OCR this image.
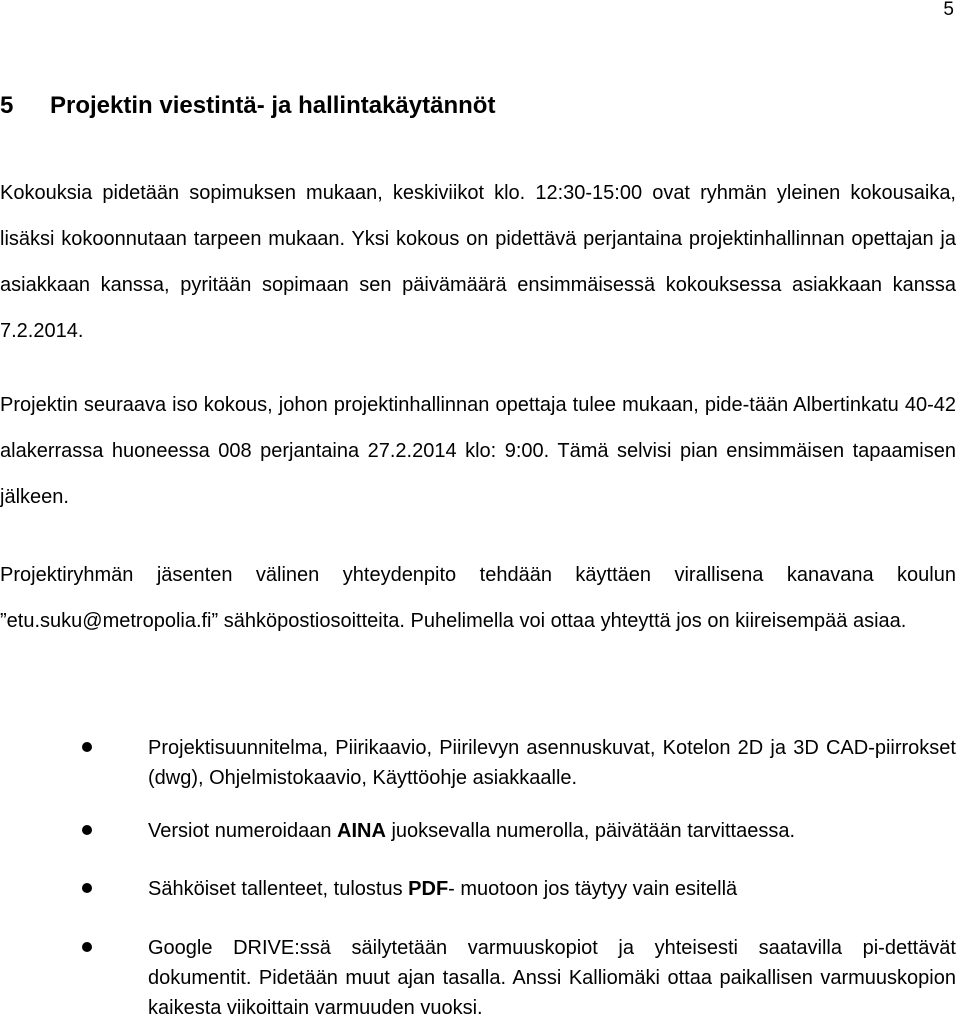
5
5 Projektin viestintä- ja hallintakäytännöt

Kokouksia pidetään sopimuksen mukaan, keskiviikot klo. 12:30-15:00 ovat ryhmän yleinen kokousaika, lisäksi kokoonnutaan tarpeen mukaan. Yksi kokous on pidettävä perjantaina projektinhallinnan opettajan ja asiakkaan kanssa, pyritään sopimaan sen päivämäärä ensimmäisessä kokouksessa asiakkaan kanssa 7.2.2014.

Projektin seuraava iso kokous, johon projektinhallinnan opettaja tulee mukaan, pide-tään Albertinkatu 40-42 alakerrassa huoneessa 008 perjantaina 27.2.2014 klo: 9:00. Tämä selvisi pian ensimmäisen tapaamisen jälkeen.

Projektiryhmän jäsenten välinen yhteydenpito tehdään käyttäen virallisena kanavana koulun ”etu.suku@metropolia.fi” sähköpostiosoitteita. Puhelimella voi ottaa yhteyttä jos on kiireisempää asiaa.

Projektisuunnitelma, Piirikaavio, Piirilevyn asennuskuvat, Kotelon 2D ja 3D CAD-piirrokset (dwg), Ohjelmistokaavio, Käyttöohje asiakkaalle.
Versiot numeroidaan AINA juoksevalla numerolla, päivätään tarvittaessa.
Sähköiset tallenteet, tulostus PDF- muotoon jos täytyy vain esitellä
Google DRIVE:ssä säilytetään varmuuskopiot ja yhteisesti saatavilla pi-dettävät dokumentit. Pidetään muut ajan tasalla. Anssi Kalliomäki ottaa paikallisen varmuuskopion kaikesta viikoittain varmuuden vuoksi.
